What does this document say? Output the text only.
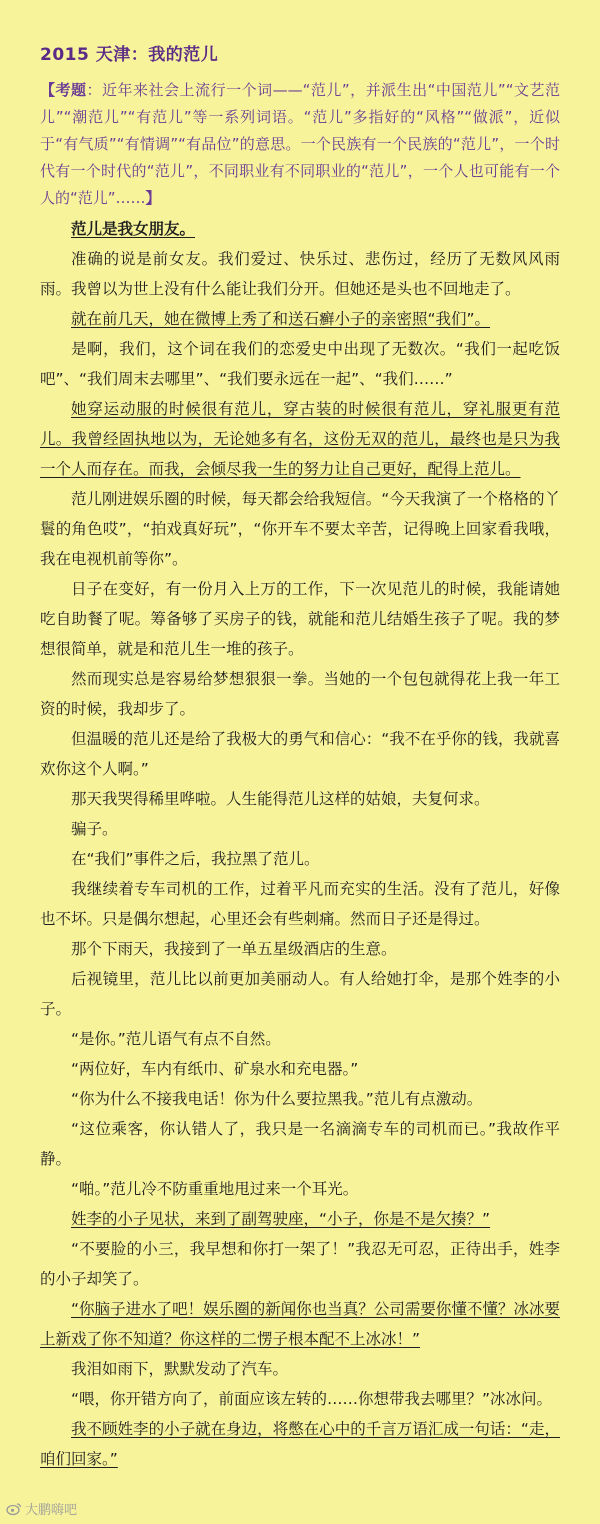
2015 天津：我的范儿

【考题：近年来社会上流行一个词——“范儿”，并派生出“中国范儿”“文艺范儿”“潮范儿”“有范儿”等一系列词语。“范儿”多指好的“风格”“做派”，近似于“有气质”“有情调”“有品位”的意思。一个民族有一个民族的“范儿”，一个时代有一个时代的“范儿”，不同职业有不同职业的“范儿”，一个人也可能有一个人的“范儿”……】

范儿是我女朋友。

准确的说是前女友。我们爱过、快乐过、悲伤过，经历了无数风风雨雨。我曾以为世上没有什么能让我们分开。但她还是头也不回地走了。

就在前几天，她在微博上秀了和送石癣小子的亲密照“我们”。

是啊，我们，这个词在我们的恋爱史中出现了无数次。“我们一起吃饭吧”、“我们周末去哪里”、“我们要永远在一起”、“我们……”

她穿运动服的时候很有范儿，穿古装的时候很有范儿，穿礼服更有范儿。我曾经固执地以为，无论她多有名，这份无双的范儿，最终也是只为我一个人而存在。而我，会倾尽我一生的努力让自己更好，配得上范儿。

范儿刚进娱乐圈的时候，每天都会给我短信。“今天我演了一个格格的丫鬟的角色哎”，“拍戏真好玩”，“你开车不要太辛苦，记得晚上回家看我哦，我在电视机前等你”。

日子在变好，有一份月入上万的工作，下一次见范儿的时候，我能请她吃自助餐了呢。筹备够了买房子的钱，就能和范儿结婚生孩子了呢。我的梦想很简单，就是和范儿生一堆的孩子。

然而现实总是容易给梦想狠狠一拳。当她的一个包包就得花上我一年工资的时候，我却步了。

但温暖的范儿还是给了我极大的勇气和信心：“我不在乎你的钱，我就喜欢你这个人啊。”

那天我哭得稀里哗啦。人生能得范儿这样的姑娘，夫复何求。

骗子。

在“我们”事件之后，我拉黑了范儿。

我继续着专车司机的工作，过着平凡而充实的生活。没有了范儿，好像也不坏。只是偶尔想起，心里还会有些刺痛。然而日子还是得过。

那个下雨天，我接到了一单五星级酒店的生意。

后视镜里，范儿比以前更加美丽动人。有人给她打伞，是那个姓李的小子。

“是你。”范儿语气有点不自然。

“两位好，车内有纸巾、矿泉水和充电器。”

“你为什么不接我电话！你为什么要拉黑我。”范儿有点激动。

“这位乘客，你认错人了，我只是一名滴滴专车的司机而已。”我故作平静。

“啪。”范儿冷不防重重地甩过来一个耳光。

姓李的小子见状，来到了副驾驶座，“小子，你是不是欠揍？”

“不要脸的小三，我早想和你打一架了！”我忍无可忍，正待出手，姓李的小子却笑了。

“你脑子进水了吧！娱乐圈的新闻你也当真？公司需要你懂不懂？冰冰要上新戏了你不知道？你这样的二愣子根本配不上冰冰！”

我泪如雨下，默默发动了汽车。

“喂，你开错方向了，前面应该左转的……你想带我去哪里？”冰冰问。

我不顾姓李的小子就在身边，将憋在心中的千言万语汇成一句话：“走，咱们回家。”

大鹏嗨吧
